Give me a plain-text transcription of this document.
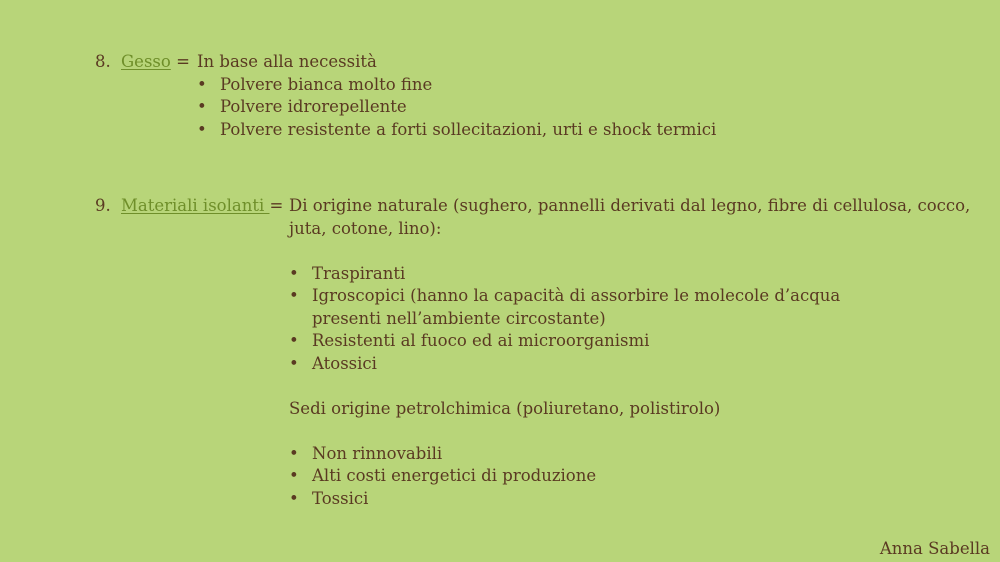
8. Gesso = In base alla necessità
• Polvere bianca molto fine
• Polvere idrorepellente
• Polvere resistente a forti sollecitazioni, urti e shock termici
9. Materiali isolanti = Di origine naturale (sughero, pannelli derivati dal legno, fibre di cellulosa, cocco,
juta, cotone, lino):
• Traspiranti
• Igroscopici (hanno la capacità di assorbire le molecole d’acqua presenti nell’ambiente circostante)
• Resistenti al fuoco ed ai microorganismi
• Atossici
Sedi origine petrolchimica (poliuretano, polistirolo)
• Non rinnovabili
• Alti costi energetici di produzione
• Tossici
Anna Sabella
